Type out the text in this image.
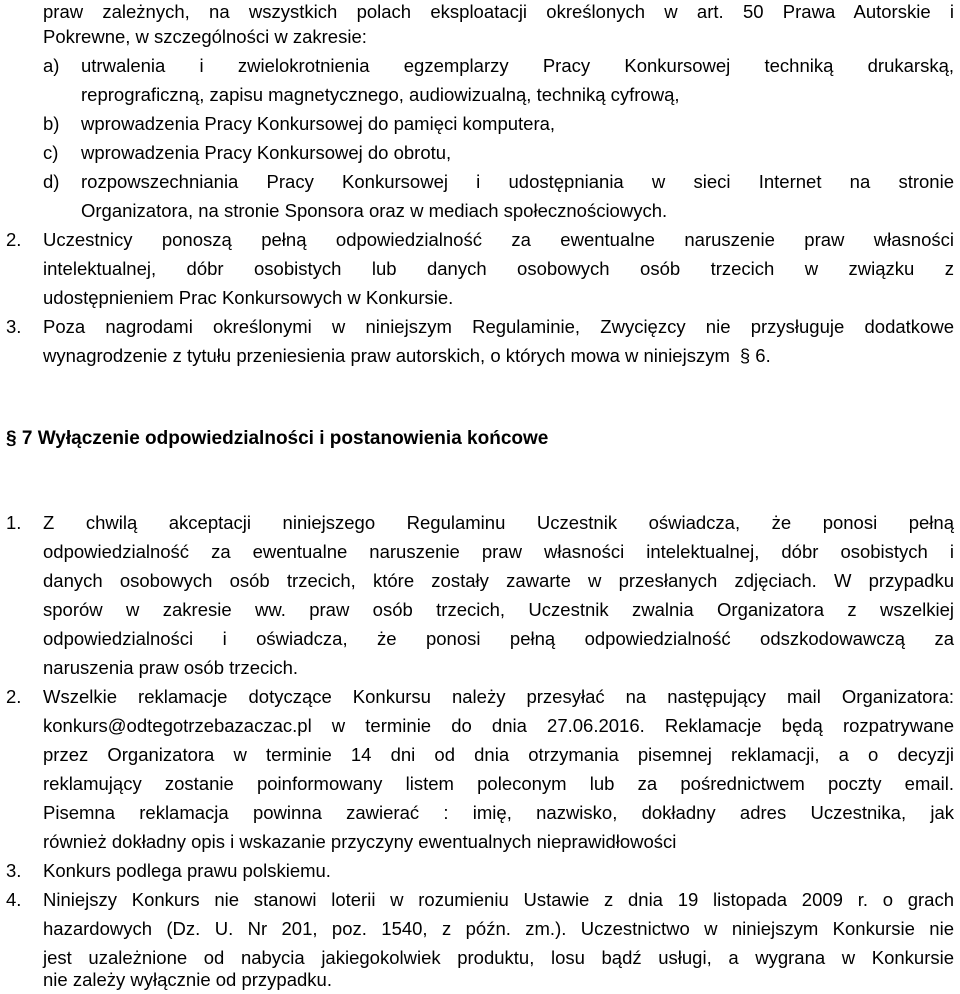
praw zależnych, na wszystkich polach eksploatacji określonych w art. 50 Prawa Autorskie i
Pokrewne, w szczególności w zakresie:
a) utrwalenia i zwielokrotnienia egzemplarzy Pracy Konkursowej techniką drukarską,
reprograficzną, zapisu magnetycznego, audiowizualną, techniką cyfrową,
b) wprowadzenia Pracy Konkursowej do pamięci komputera,
c) wprowadzenia Pracy Konkursowej do obrotu,
d) rozpowszechniania Pracy Konkursowej i udostępniania w sieci Internet na stronie
Organizatora, na stronie Sponsora oraz w mediach społecznościowych.
2. Uczestnicy ponoszą pełną odpowiedzialność za ewentualne naruszenie praw własności
intelektualnej, dóbr osobistych lub danych osobowych osób trzecich w związku z
udostępnieniem Prac Konkursowych w Konkursie.
3. Poza nagrodami określonymi w niniejszym Regulaminie, Zwycięzcy nie przysługuje dodatkowe
wynagrodzenie z tytułu przeniesienia praw autorskich, o których mowa w niniejszym § 6.
§ 7 Wyłączenie odpowiedzialności i postanowienia końcowe
1. Z chwilą akceptacji niniejszego Regulaminu Uczestnik oświadcza, że ponosi pełną
odpowiedzialność za ewentualne naruszenie praw własności intelektualnej, dóbr osobistych i
danych osobowych osób trzecich, które zostały zawarte w przesłanych zdjęciach. W przypadku
sporów w zakresie ww. praw osób trzecich, Uczestnik zwalnia Organizatora z wszelkiej
odpowiedzialności i oświadcza, że ponosi pełną odpowiedzialność odszkodowawczą za
naruszenia praw osób trzecich.
2. Wszelkie reklamacje dotyczące Konkursu należy przesyłać na następujący mail Organizatora:
konkurs@odtegotrzebazaczac.pl w terminie do dnia 27.06.2016. Reklamacje będą rozpatrywane
przez Organizatora w terminie 14 dni od dnia otrzymania pisemnej reklamacji, a o decyzji
reklamujący zostanie poinformowany listem poleconym lub za pośrednictwem poczty email.
Pisemna reklamacja powinna zawierać : imię, nazwisko, dokładny adres Uczestnika, jak
również dokładny opis i wskazanie przyczyny ewentualnych nieprawidłowości
3. Konkurs podlega prawu polskiemu.
4. Niniejszy Konkurs nie stanowi loterii w rozumieniu Ustawie z dnia 19 listopada 2009 r. o grach
hazardowych (Dz. U. Nr 201, poz. 1540, z późn. zm.). Uczestnictwo w niniejszym Konkursie nie
jest uzależnione od nabycia jakiegokolwiek produktu, losu bądź usługi, a wygrana w Konkursie
nie zależy wyłącznie od przypadku.
